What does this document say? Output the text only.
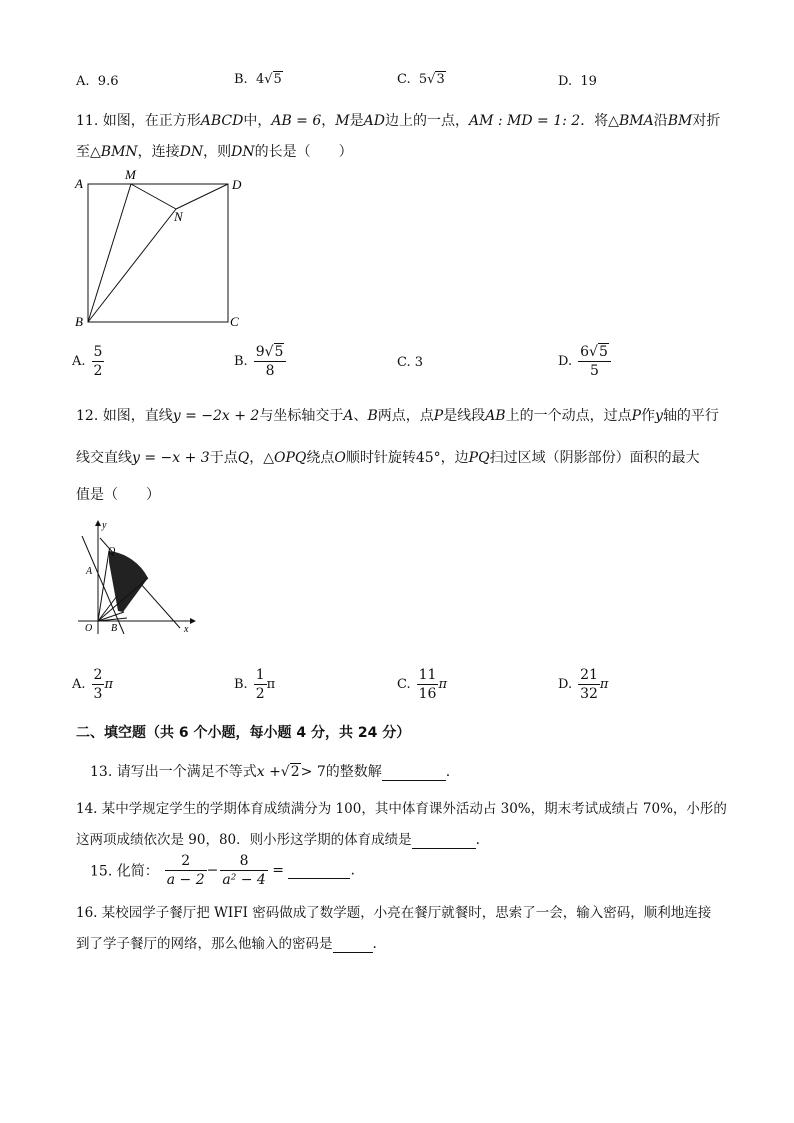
A. 9.6	B. 4√5	C. 5√3	D. 19
11. 如图，在正方形ABCD中，AB = 6，M是AD边上的一点，AM : MD = 1: 2．将△BMA沿BM对折
至△BMN，连接DN，则DN的长是（　　）
A
M
D
N
B	C
A. $\frac{5}{2}$	B. $\frac{9√5}{8}$	C. 3	D. $\frac{6√5}{5}$
12. 如图，直线y = −2x + 2与坐标轴交于A、B两点，点P是线段AB上的一个动点，过点P作y轴的平行
线交直线y = −x + 3于点Q，△OPQ绕点O顺时针旋转45°，边PQ扫过区域（阴影部份）面积的最大
值是（　　）
y
x
Q
A
O B
A. $\frac{2}{3}$ π	B. $\frac{1}{2}$ π	C. $\frac{11}{16}$ π	D. $\frac{21}{32}$ π
二、填空题（共 6 个小题，每小题 4 分，共 24 分）
13. 请写出一个满足不等式x +√2> 7的整数解	.
14. 某中学规定学生的学期体育成绩满分为 100，其中体育课外活动占 30%，期末考试成绩占 70%，小彤的
这两项成绩依次是 90，80．则小彤这学期的体育成绩是	.
15. 化简： $\frac{2}{a - 2} - \frac{8}{\text{a² − 4}}$ =	.
16. 某校园学子餐厅把 WIFI 密码做成了数学题，小亮在餐厅就餐时，思索了一会，输入密码，顺利地连接
到了学子餐厅的网络，那么他输入的密码是	.
